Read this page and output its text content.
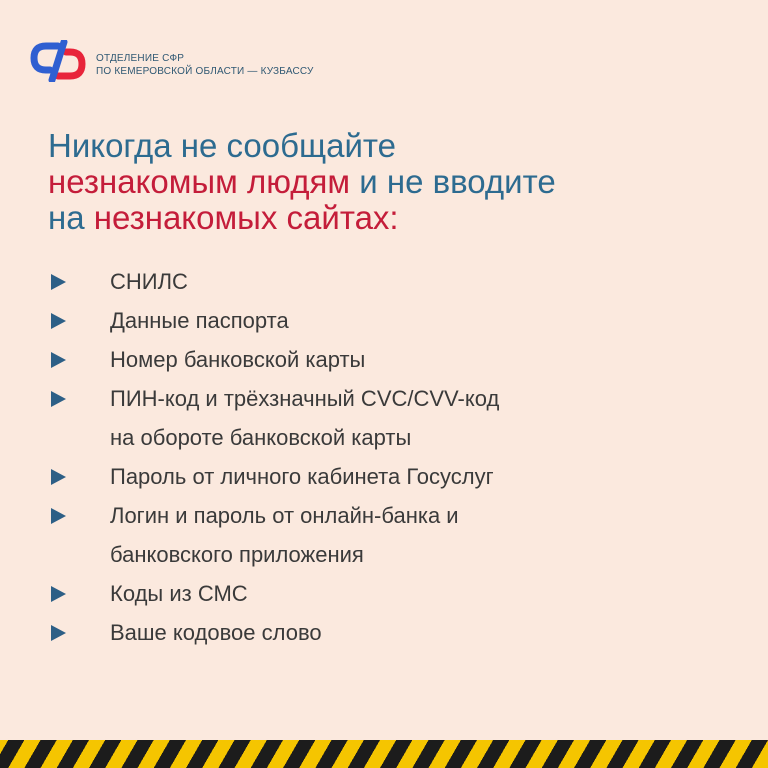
ОТДЕЛЕНИЕ СФР
ПО КЕМЕРОВСКОЙ ОБЛАСТИ — КУЗБАССУ
Никогда не сообщайте
незнакомым людям и не вводите
на незнакомых сайтах:
СНИЛС
Данные паспорта
Номер банковской карты
ПИН-код и трёхзначный CVC/CVV-код
на обороте банковской карты
Пароль от личного кабинета Госуслуг
Логин и пароль от онлайн-банка и
банковского приложения
Коды из СМС
Ваше кодовое слово
